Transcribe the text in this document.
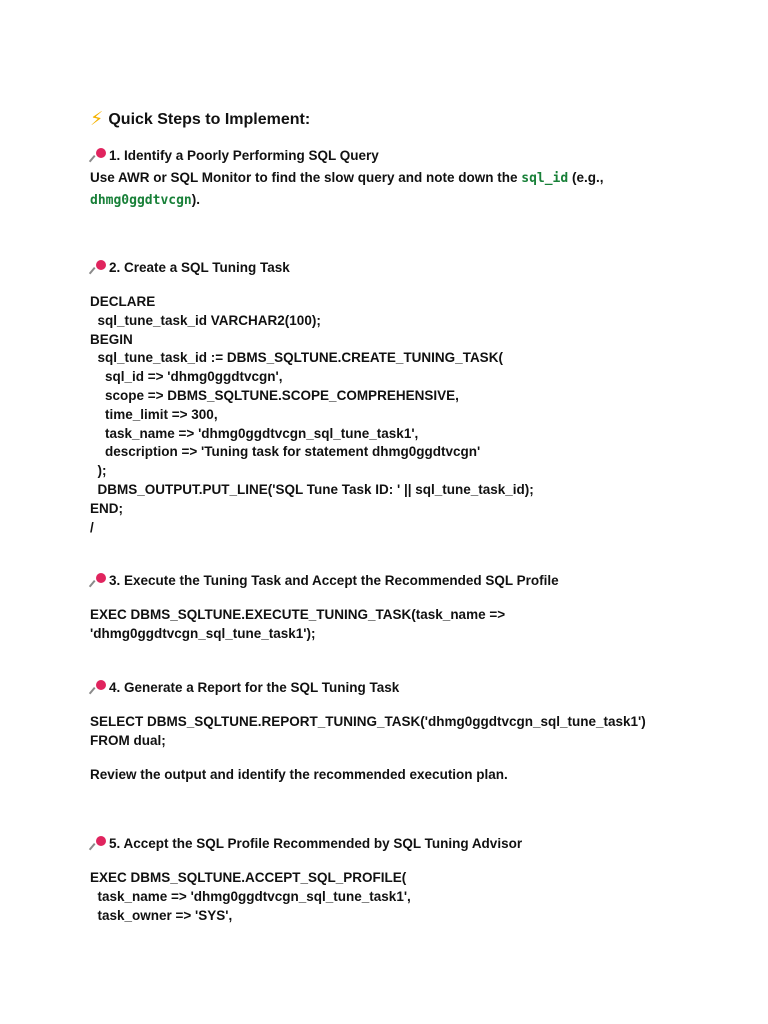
⚡ Quick Steps to Implement:
1. Identify a Poorly Performing SQL Query
Use AWR or SQL Monitor to find the slow query and note down the sql_id (e.g.,
dhmg0ggdtvcgn).
2. Create a SQL Tuning Task
DECLARE
sql_tune_task_id VARCHAR2(100);
BEGIN
sql_tune_task_id := DBMS_SQLTUNE.CREATE_TUNING_TASK(
sql_id => 'dhmg0ggdtvcgn',
scope => DBMS_SQLTUNE.SCOPE_COMPREHENSIVE,
time_limit => 300,
task_name => 'dhmg0ggdtvcgn_sql_tune_task1',
description => 'Tuning task for statement dhmg0ggdtvcgn'
);
DBMS_OUTPUT.PUT_LINE('SQL Tune Task ID: ' || sql_tune_task_id);
END;
/
3. Execute the Tuning Task and Accept the Recommended SQL Profile
EXEC DBMS_SQLTUNE.EXECUTE_TUNING_TASK(task_name =>
'dhmg0ggdtvcgn_sql_tune_task1');
4. Generate a Report for the SQL Tuning Task
SELECT DBMS_SQLTUNE.REPORT_TUNING_TASK('dhmg0ggdtvcgn_sql_tune_task1')
FROM dual;
Review the output and identify the recommended execution plan.
5. Accept the SQL Profile Recommended by SQL Tuning Advisor
EXEC DBMS_SQLTUNE.ACCEPT_SQL_PROFILE(
task_name => 'dhmg0ggdtvcgn_sql_tune_task1',
task_owner => 'SYS',
